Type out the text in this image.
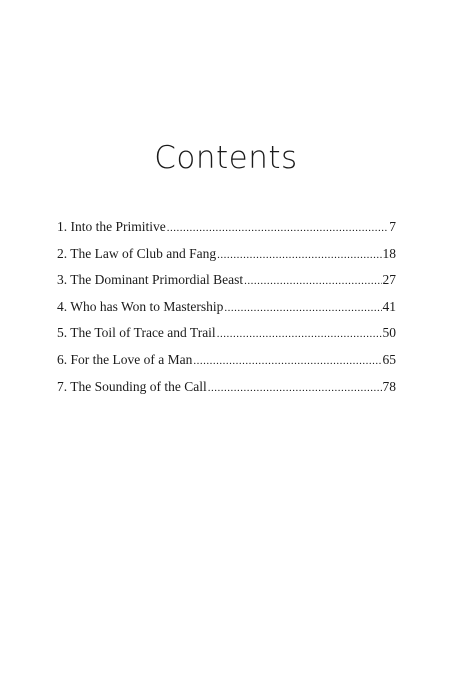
Contents
1. Into the Primitive .....	7
2. The Law of Club and Fang .....	18
3. The Dominant Primordial Beast .....	27
4. Who has Won to Mastership .....	41
5. The Toil of Trace and Trail .....	50
6. For the Love of a Man .....	65
7. The Sounding of the Call .....	78
